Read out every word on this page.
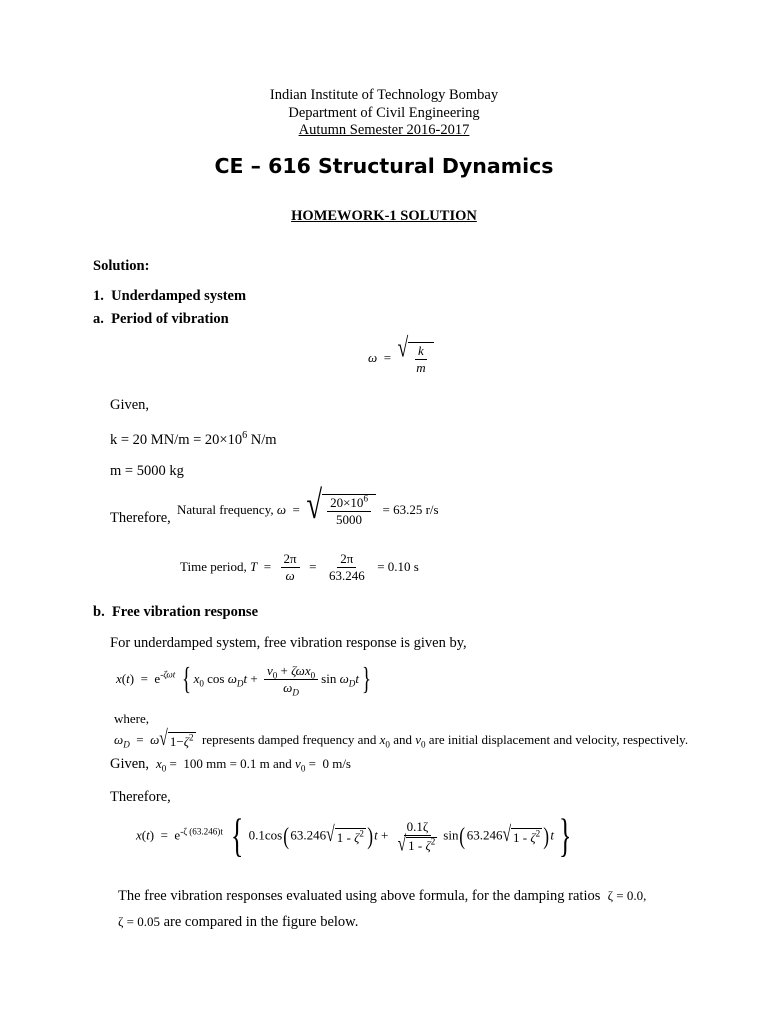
Indian Institute of Technology Bombay
Department of Civil Engineering
Autumn Semester 2016-2017
CE – 616 Structural Dynamics
HOMEWORK-1 SOLUTION
Solution:
1.  Underdamped system
a.  Period of vibration
ω  = √ $\frac{k}{m}$
Given,
k = 20 $MN/m = 20\times 10^6$ N/m
m = 5000 kg
Therefore,
Natural frequency, ω  = √ $\frac{20\times 10^6}{5000} = 63.25$ r/s
Time period, $T = \frac{2\pi}{\omega} = \frac{2\pi}{63.246} = 0.10$ s
b.  Free vibration response
For underdamped system, free vibration response is given by,
$x(t) = e^{-\zeta\omega t}$ { $x_0$ $\cos \omega_Dt + \frac{v_0 + \zeta\omega x_0}{\omega_D}$ $\sin \omega_Dt$}
where,
$\omega_D = \omega$ √ $1-\zeta^2$ represents damped frequency and $x_0$ and $v_0$ are initial displacement and velocity, respectively.
Given, $x_0 = 100$ mm = 0.1 m and $v_0 = 0$ m/s
Therefore,
$x(t) = e^{-\zeta (63.246)t}$ { 0.1cos(63.246 √ $1 - \zeta^2$ )$t + \frac{0.1\zeta}{√ 1 - \zeta^2} \sin(63.246$ √ $1 - \zeta^2$ )t }
The free vibration responses evaluated using above formula, for the damping ratios ζ = 0.0,
ζ = 0.05 are compared in the figure below.
